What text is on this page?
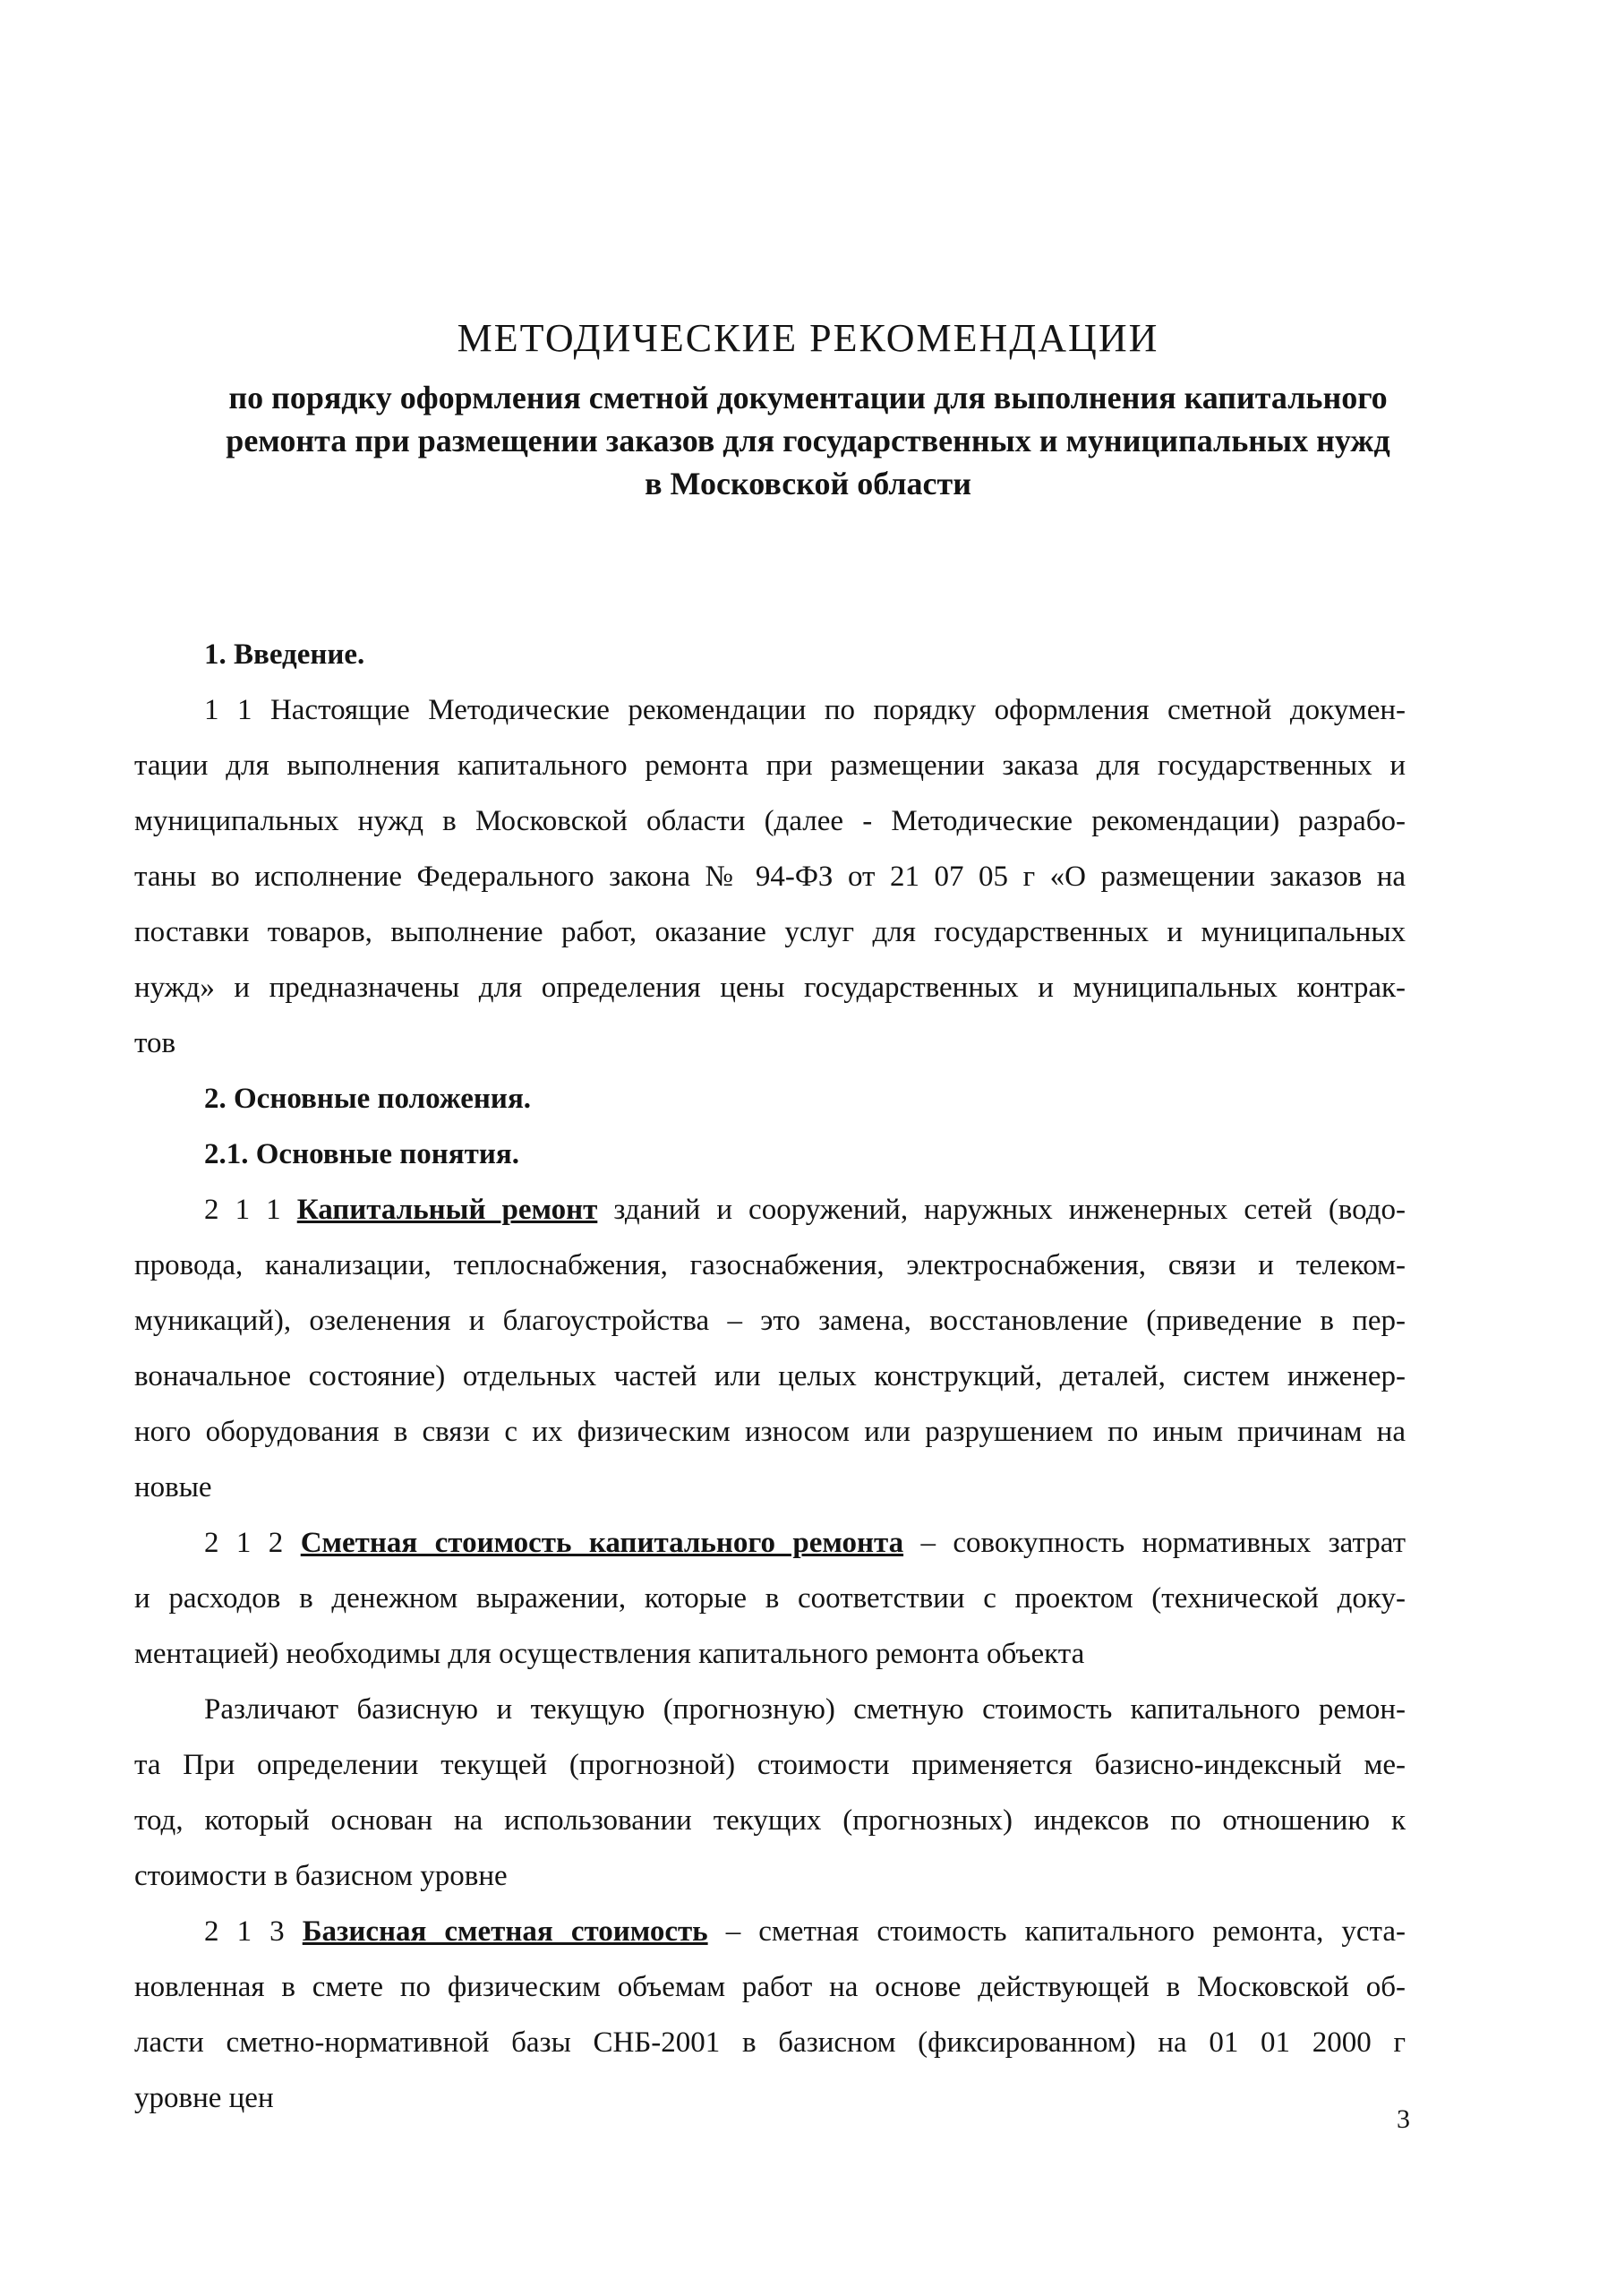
МЕТОДИЧЕСКИЕ РЕКОМЕНДАЦИИ
по порядку оформления сметной документации для выполнения капитального
ремонта при размещении заказов для государственных и муниципальных нужд
в Московской области
1. Введение.
1 1 Настоящие Методические рекомендации по порядку оформления сметной докумен-
тации для выполнения капитального ремонта при размещении заказа для государственных и
муниципальных нужд в Московской области (далее - Методические рекомендации) разрабо-
таны во исполнение Федерального закона № 94-ФЗ от 21 07 05 г «О размещении заказов на
поставки товаров, выполнение работ, оказание услуг для государственных и муниципальных
нужд» и предназначены для определения цены государственных и муниципальных контрак-
тов
2. Основные положения.
2.1. Основные понятия.
2 1 1 Капитальный ремонт зданий и сооружений, наружных инженерных сетей (водо-
провода, канализации, теплоснабжения, газоснабжения, электроснабжения, связи и телеком-
муникаций), озеленения и благоустройства – это замена, восстановление (приведение в пер-
воначальное состояние) отдельных частей или целых конструкций, деталей, систем инженер-
ного оборудования в связи с их физическим износом или разрушением по иным причинам на
новые
2 1 2 Сметная стоимость капитального ремонта – совокупность нормативных затрат
и расходов в денежном выражении, которые в соответствии с проектом (технической доку-
ментацией) необходимы для осуществления капитального ремонта объекта
Различают базисную и текущую (прогнозную) сметную стоимость капитального ремон-
та При определении текущей (прогнозной) стоимости применяется базисно-индексный ме-
тод, который основан на использовании текущих (прогнозных) индексов по отношению к
стоимости в базисном уровне
2 1 3 Базисная сметная стоимость – сметная стоимость капитального ремонта, уста-
новленная в смете по физическим объемам работ на основе действующей в Московской об-
ласти сметно-нормативной базы СНБ-2001 в базисном (фиксированном) на 01 01 2000 г
уровне цен
3
